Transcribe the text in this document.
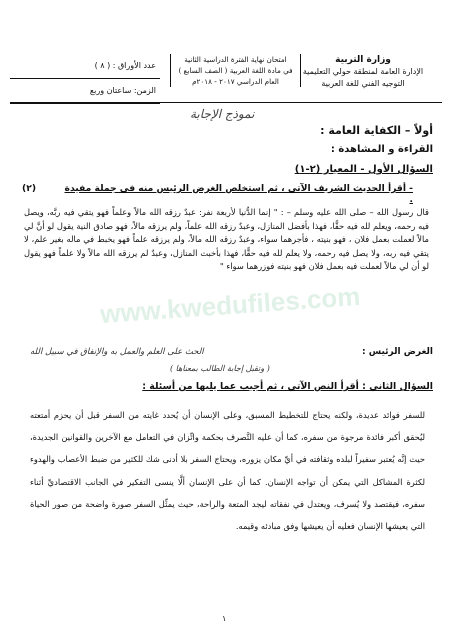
وزارة التربية
الإدارة العامة لمنطقة حولي التعليمية
التوجيه الفني للغة العربية
امتحان نهاية الفترة الدراسية الثانية
في مادة اللغة العربية ( الصف السابع )
العام الدراسي ٢٠١٧ - ٢٠١٨م
عدد الأوراق : ( ٨ )
الزمن: ساعتان وربع
نموذج الإجابة
أولاً – الكفاية العامة :
القراءة و المشاهدة :
السؤال الأول - المعيار (٢-١)
- أقرأ الحديث الشريف الآتي ، ثم استخلص الغرض الرئيس منه في جملة مفيدة .
(٢)
قال رسول الله – صلى الله عليه وسلم – : " إنما الدُّنيا لأربعة نفر: عبدٌ رزقه الله مالاً وعلماً فهو يتقي فيه ربَّه، ويصل فيه رحمه، ويعلم لله فيه حقًّا، فهذا بأفضل المنازل، وعبدٌ رزقه الله علماً، ولم يرزقه مالاً، فهو صادق النية يقول لو أنَّ لي مالاً لعملت بعمل فلان ، فهو بنيته ، فأجرهما سواء، وعبدٌ رزقه الله مالاً، ولم يرزقه علماً فهو يخبط في ماله بغير علم، لا يتقي فيه ربه، ولا يصل فيه رحمه، ولا يعلم لله فيه حقًّا، فهذا بأخبث المنازل، وعبدٌ لم يرزقه الله مالاً ولا علماً فهو يقول لو أن لي مالاً لعملت فيه بعمل فلان فهو بنيته فوزرهما سواء "
www.kwedufiles.com
الغرض الرئيس :
الحث على العلم والعمل به والإنفاق في سبيل الله
( وتقبل إجابة الطالب بمعناها )
السؤال الثاني : أقرأ النص الآتي ، ثم أجيب عما يليها من أسئلة :
للسفر فوائد عديدة، ولكنه يحتاج للتخطيط المسبق، وعلى الإنسان أن يُحدد غايته من السفر قبل أن يحزم أمتعته ليُحقق أكبر فائدة مرجوة من سفره، كما أن عليه التَّصرف بحكمة واتِّزان في التعامل مع الآخرين والقوانين الجديدة، حيث إنَّه يُعتبر سفيراً لبلده وثقافته في أيِّ مكان يزوره، ويحتاج السفر بلا أدنى شك للكثير من ضبط الأعصاب والهدوء لكثرة المشاكل التي يمكن أن تواجه الإنسان. كما أن على الإنسان ألَّا ينسى التفكير في الجانب الاقتصاديِّ أثناء سفره، فيقتصد ولا يُسرف، ويعتدل في نفقاته ليجد المتعة والراحة، حيث يمثِّل السفر صورة واضحة من صور الحياة التي يعيشها الإنسان فعليه أن يعيشها وفق مبادئه وقيمه.
١
